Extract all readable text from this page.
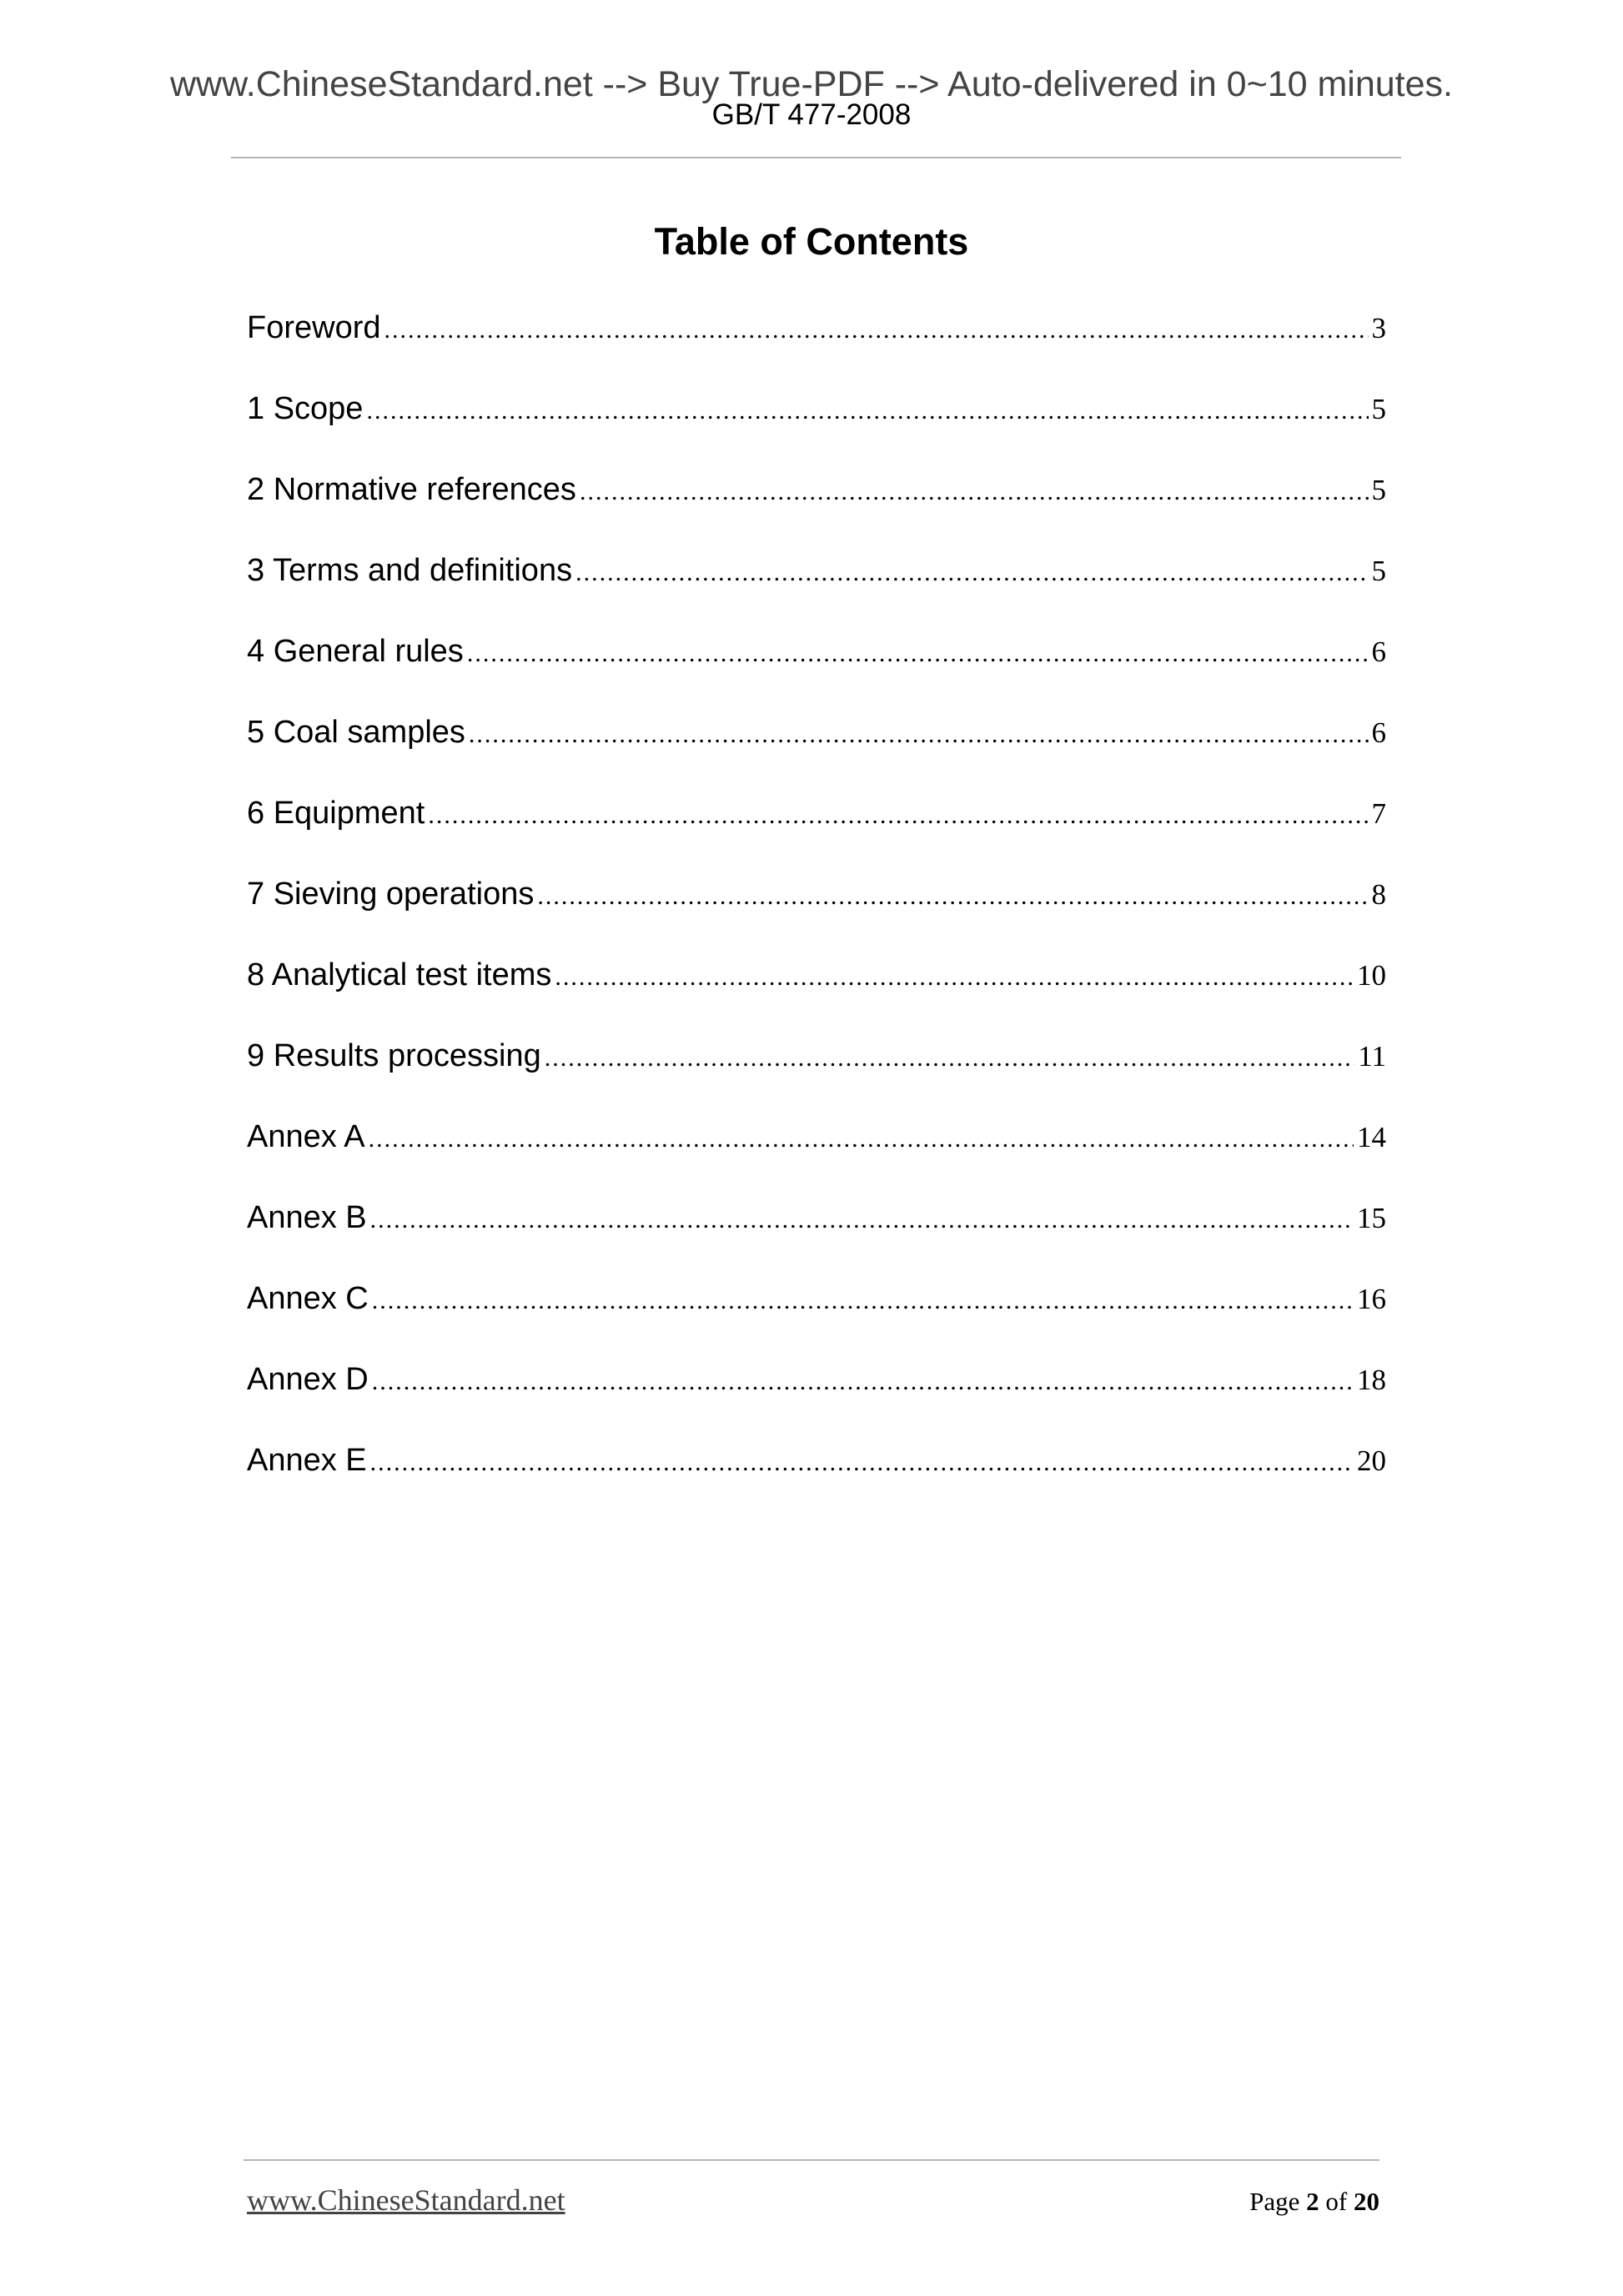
www.ChineseStandard.net --> Buy True-PDF --> Auto-delivered in 0~10 minutes.
GB/T 477-2008
Table of Contents
Foreword .....	3
1 Scope .....	5
2 Normative references .....	5
3 Terms and definitions .....	5
4 General rules .....	6
5 Coal samples .....	6
6 Equipment .....	7
7 Sieving operations .....	8
8 Analytical test items .....	10
9 Results processing .....	11
Annex A .....	14
Annex B .....	15
Annex C .....	16
Annex D .....	18
Annex E .....	20
www.ChineseStandard.net	Page 2 of 20
